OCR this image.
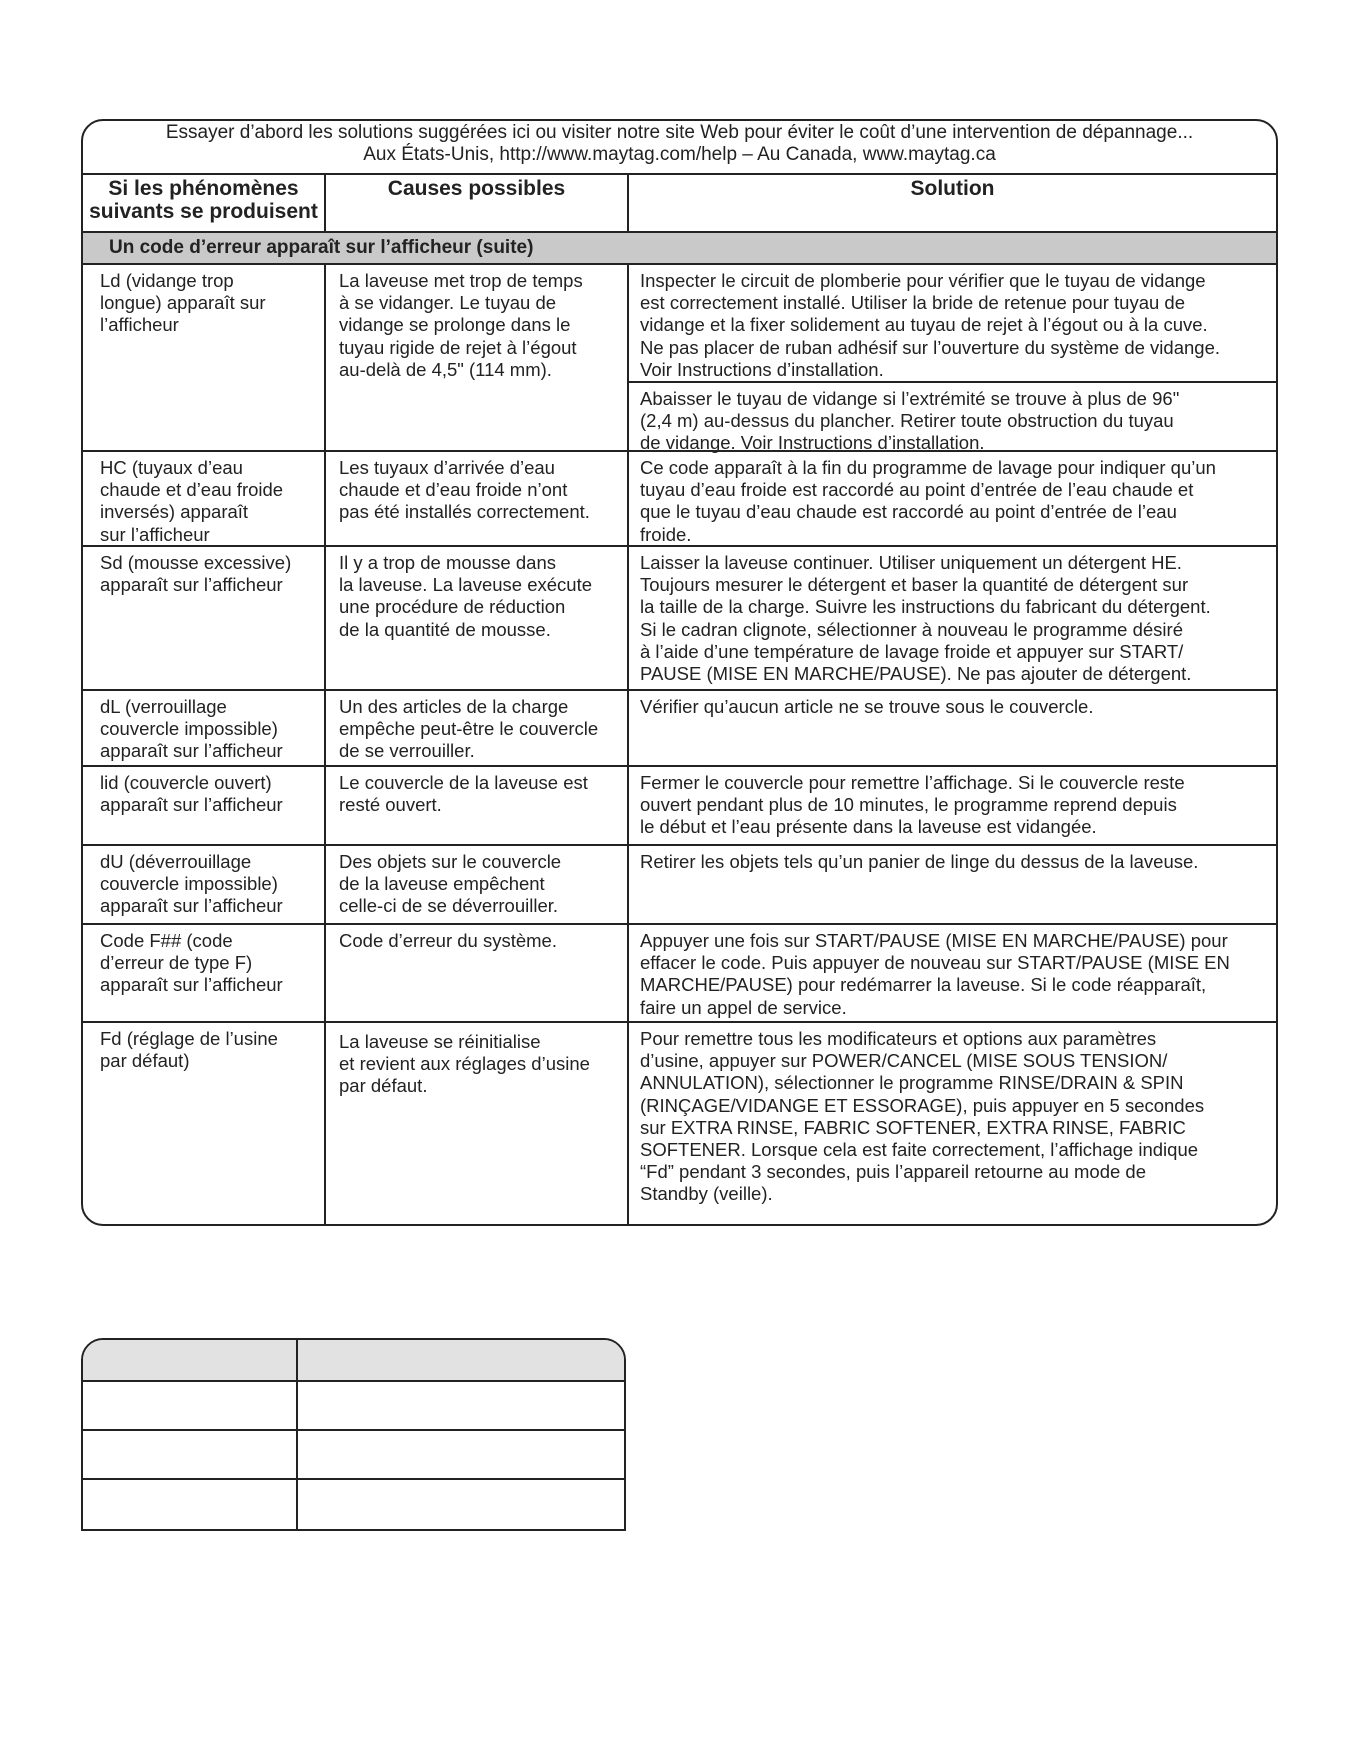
Essayer d’abord les solutions suggérées ici ou visiter notre site Web pour éviter le coût d’une intervention de dépannage...
Aux États-Unis, http://www.maytag.com/help – Au Canada, www.maytag.ca
Si les phénomènes
suivants se produisent
Causes possibles	Solution
Un code d’erreur apparaît sur l’afficheur (suite)
Ld (vidange trop
longue) apparaît sur
l’afficheur
La laveuse met trop de temps
à se vidanger. Le tuyau de
vidange se prolonge dans le
tuyau rigide de rejet à l’égout
au-delà de 4,5" (114 mm).
Inspecter le circuit de plomberie pour vérifier que le tuyau de vidange
est correctement installé. Utiliser la bride de retenue pour tuyau de
vidange et la fixer solidement au tuyau de rejet à l’égout ou à la cuve.
Ne pas placer de ruban adhésif sur l’ouverture du système de vidange.
Voir Instructions d’installation.
Abaisser le tuyau de vidange si l’extrémité se trouve à plus de 96"
(2,4 m) au-dessus du plancher. Retirer toute obstruction du tuyau
de vidange. Voir Instructions d’installation.
HC (tuyaux d’eau
chaude et d’eau froide
inversés) apparaît
sur l’afficheur
Les tuyaux d’arrivée d’eau
chaude et d’eau froide n’ont
pas été installés correctement.
Ce code apparaît à la fin du programme de lavage pour indiquer qu’un
tuyau d’eau froide est raccordé au point d’entrée de l’eau chaude et
que le tuyau d’eau chaude est raccordé au point d’entrée de l’eau
froide.
Sd (mousse excessive)
apparaît sur l’afficheur
Il y a trop de mousse dans
la laveuse. La laveuse exécute
une procédure de réduction
de la quantité de mousse.
Laisser la laveuse continuer. Utiliser uniquement un détergent HE.
Toujours mesurer le détergent et baser la quantité de détergent sur
la taille de la charge. Suivre les instructions du fabricant du détergent.
Si le cadran clignote, sélectionner à nouveau le programme désiré
à l’aide d’une température de lavage froide et appuyer sur START/
PAUSE (MISE EN MARCHE/PAUSE). Ne pas ajouter de détergent.
dL (verrouillage
couvercle impossible)
apparaît sur l’afficheur
Un des articles de la charge
empêche peut-être le couvercle
de se verrouiller.
Vérifier qu’aucun article ne se trouve sous le couvercle.
lid (couvercle ouvert)
apparaît sur l’afficheur
Le couvercle de la laveuse est
resté ouvert.
Fermer le couvercle pour remettre l’affichage. Si le couvercle reste
ouvert pendant plus de 10 minutes, le programme reprend depuis
le début et l’eau présente dans la laveuse est vidangée.
dU (déverrouillage
couvercle impossible)
apparaît sur l’afficheur
Des objets sur le couvercle
de la laveuse empêchent
celle-ci de se déverrouiller.
Retirer les objets tels qu’un panier de linge du dessus de la laveuse.
Code F## (code
d’erreur de type F)
apparaît sur l’afficheur
Code d’erreur du système.	Appuyer une fois sur START/PAUSE (MISE EN MARCHE/PAUSE) pour
effacer le code. Puis appuyer de nouveau sur START/PAUSE (MISE EN
MARCHE/PAUSE) pour redémarrer la laveuse. Si le code réapparaît,
faire un appel de service.
Fd (réglage de l’usine
par défaut)
La laveuse se réinitialise
et revient aux réglages d’usine
par défaut.
Pour remettre tous les modificateurs et options aux paramètres
d’usine, appuyer sur POWER/CANCEL (MISE SOUS TENSION/
ANNULATION), sélectionner le programme RINSE/DRAIN & SPIN
(RINÇAGE/VIDANGE ET ESSORAGE), puis appuyer en 5 secondes
sur EXTRA RINSE, FABRIC SOFTENER, EXTRA RINSE, FABRIC
SOFTENER. Lorsque cela est faite correctement, l’affichage indique
“Fd” pendant 3 secondes, puis l’appareil retourne au mode de
Standby (veille).
